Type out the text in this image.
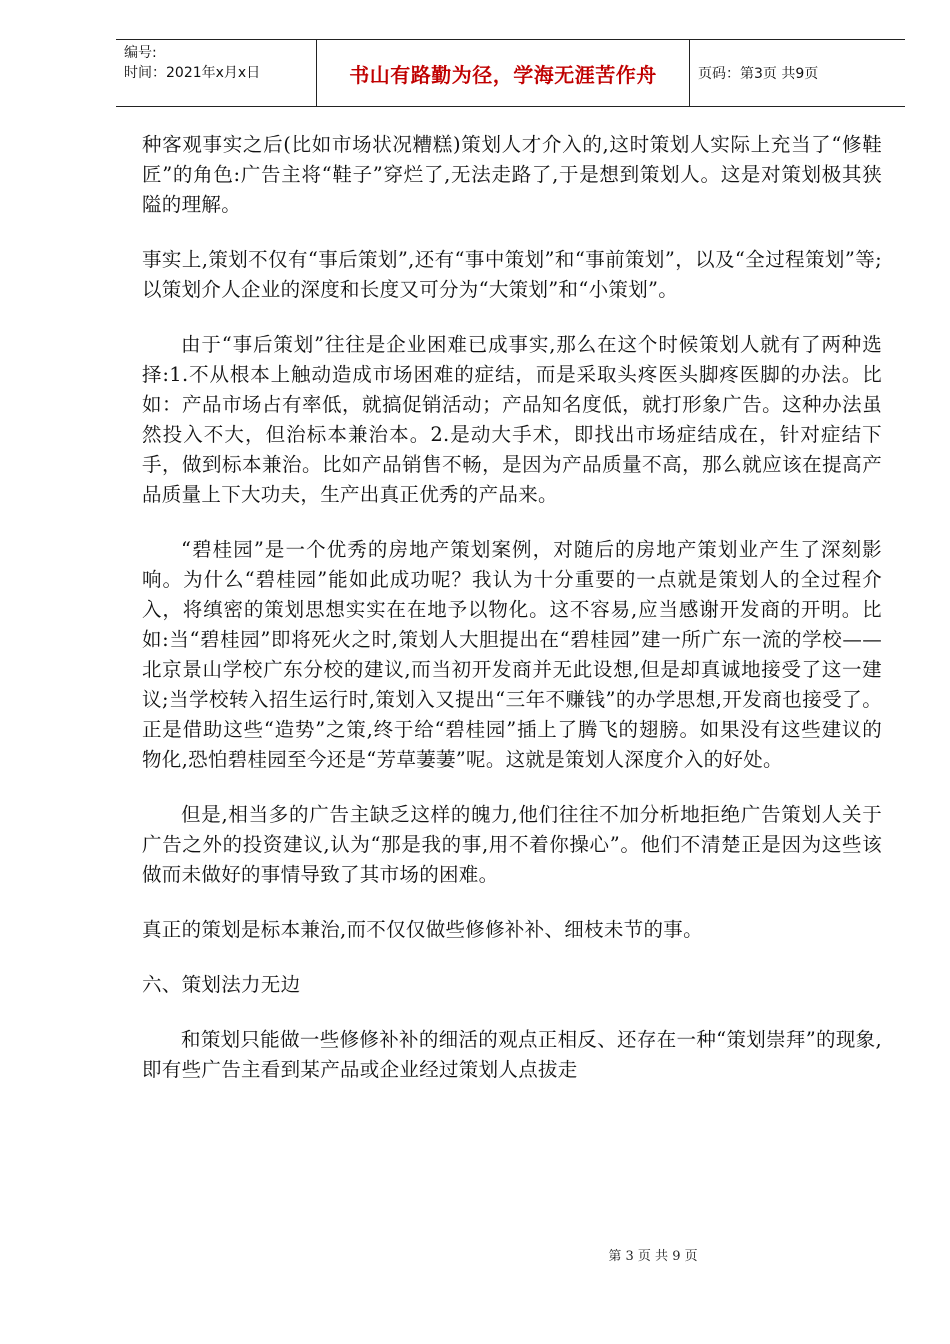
编号:
时间：2021年x月x日	书山有路勤为径，学海无涯苦作舟	页码：第3页 共9页

种客观事实之后(比如市场状况糟糕)策划人才介入的,这时策划人实际上充当了“修鞋匠”的角色:广告主将“鞋子”穿烂了,无法走路了,于是想到策划人。这是对策划极其狭隘的理解。

事实上,策划不仅有“事后策划”,还有“事中策划”和“事前策划”，以及“全过程策划”等;以策划介人企业的深度和长度又可分为“大策划”和“小策划”。

由于“事后策划”往往是企业困难已成事实,那么在这个时候策划人就有了两种选择:1.不从根本上触动造成市场困难的症结，而是采取头疼医头脚疼医脚的办法。比如：产品市场占有率低，就搞促销活动；产品知名度低，就打形象广告。这种办法虽然投入不大，但治标本兼治本。2.是动大手术，即找出市场症结成在，针对症结下手，做到标本兼治。比如产品销售不畅，是因为产品质量不高，那么就应该在提高产品质量上下大功夫，生产出真正优秀的产品来。

“碧桂园”是一个优秀的房地产策划案例，对随后的房地产策划业产生了深刻影响。为什么“碧桂园”能如此成功呢？我认为十分重要的一点就是策划人的全过程介入，将缜密的策划思想实实在在地予以物化。这不容易,应当感谢开发商的开明。比如:当“碧桂园”即将死火之时,策划人大胆提出在“碧桂园”建一所广东一流的学校——北京景山学校广东分校的建议,而当初开发商并无此设想,但是却真诚地接受了这一建议;当学校转入招生运行时,策划入又提出“三年不赚钱”的办学思想,开发商也接受了。正是借助这些“造势”之策,终于给“碧桂园”插上了腾飞的翅膀。如果没有这些建议的物化,恐怕碧桂园至今还是“芳草萋萋”呢。这就是策划人深度介入的好处。

但是,相当多的广告主缺乏这样的魄力,他们往往不加分析地拒绝广告策划人关于广告之外的投资建议,认为“那是我的事,用不着你操心”。他们不清楚正是因为这些该做而未做好的事情导致了其市场的困难。

真正的策划是标本兼治,而不仅仅做些修修补补、细枝未节的事。

六、策划法力无边

和策划只能做一些修修补补的细活的观点正相反、还存在一种“策划崇拜”的现象,即有些广告主看到某产品或企业经过策划人点拔走

第 3 页 共 9 页
